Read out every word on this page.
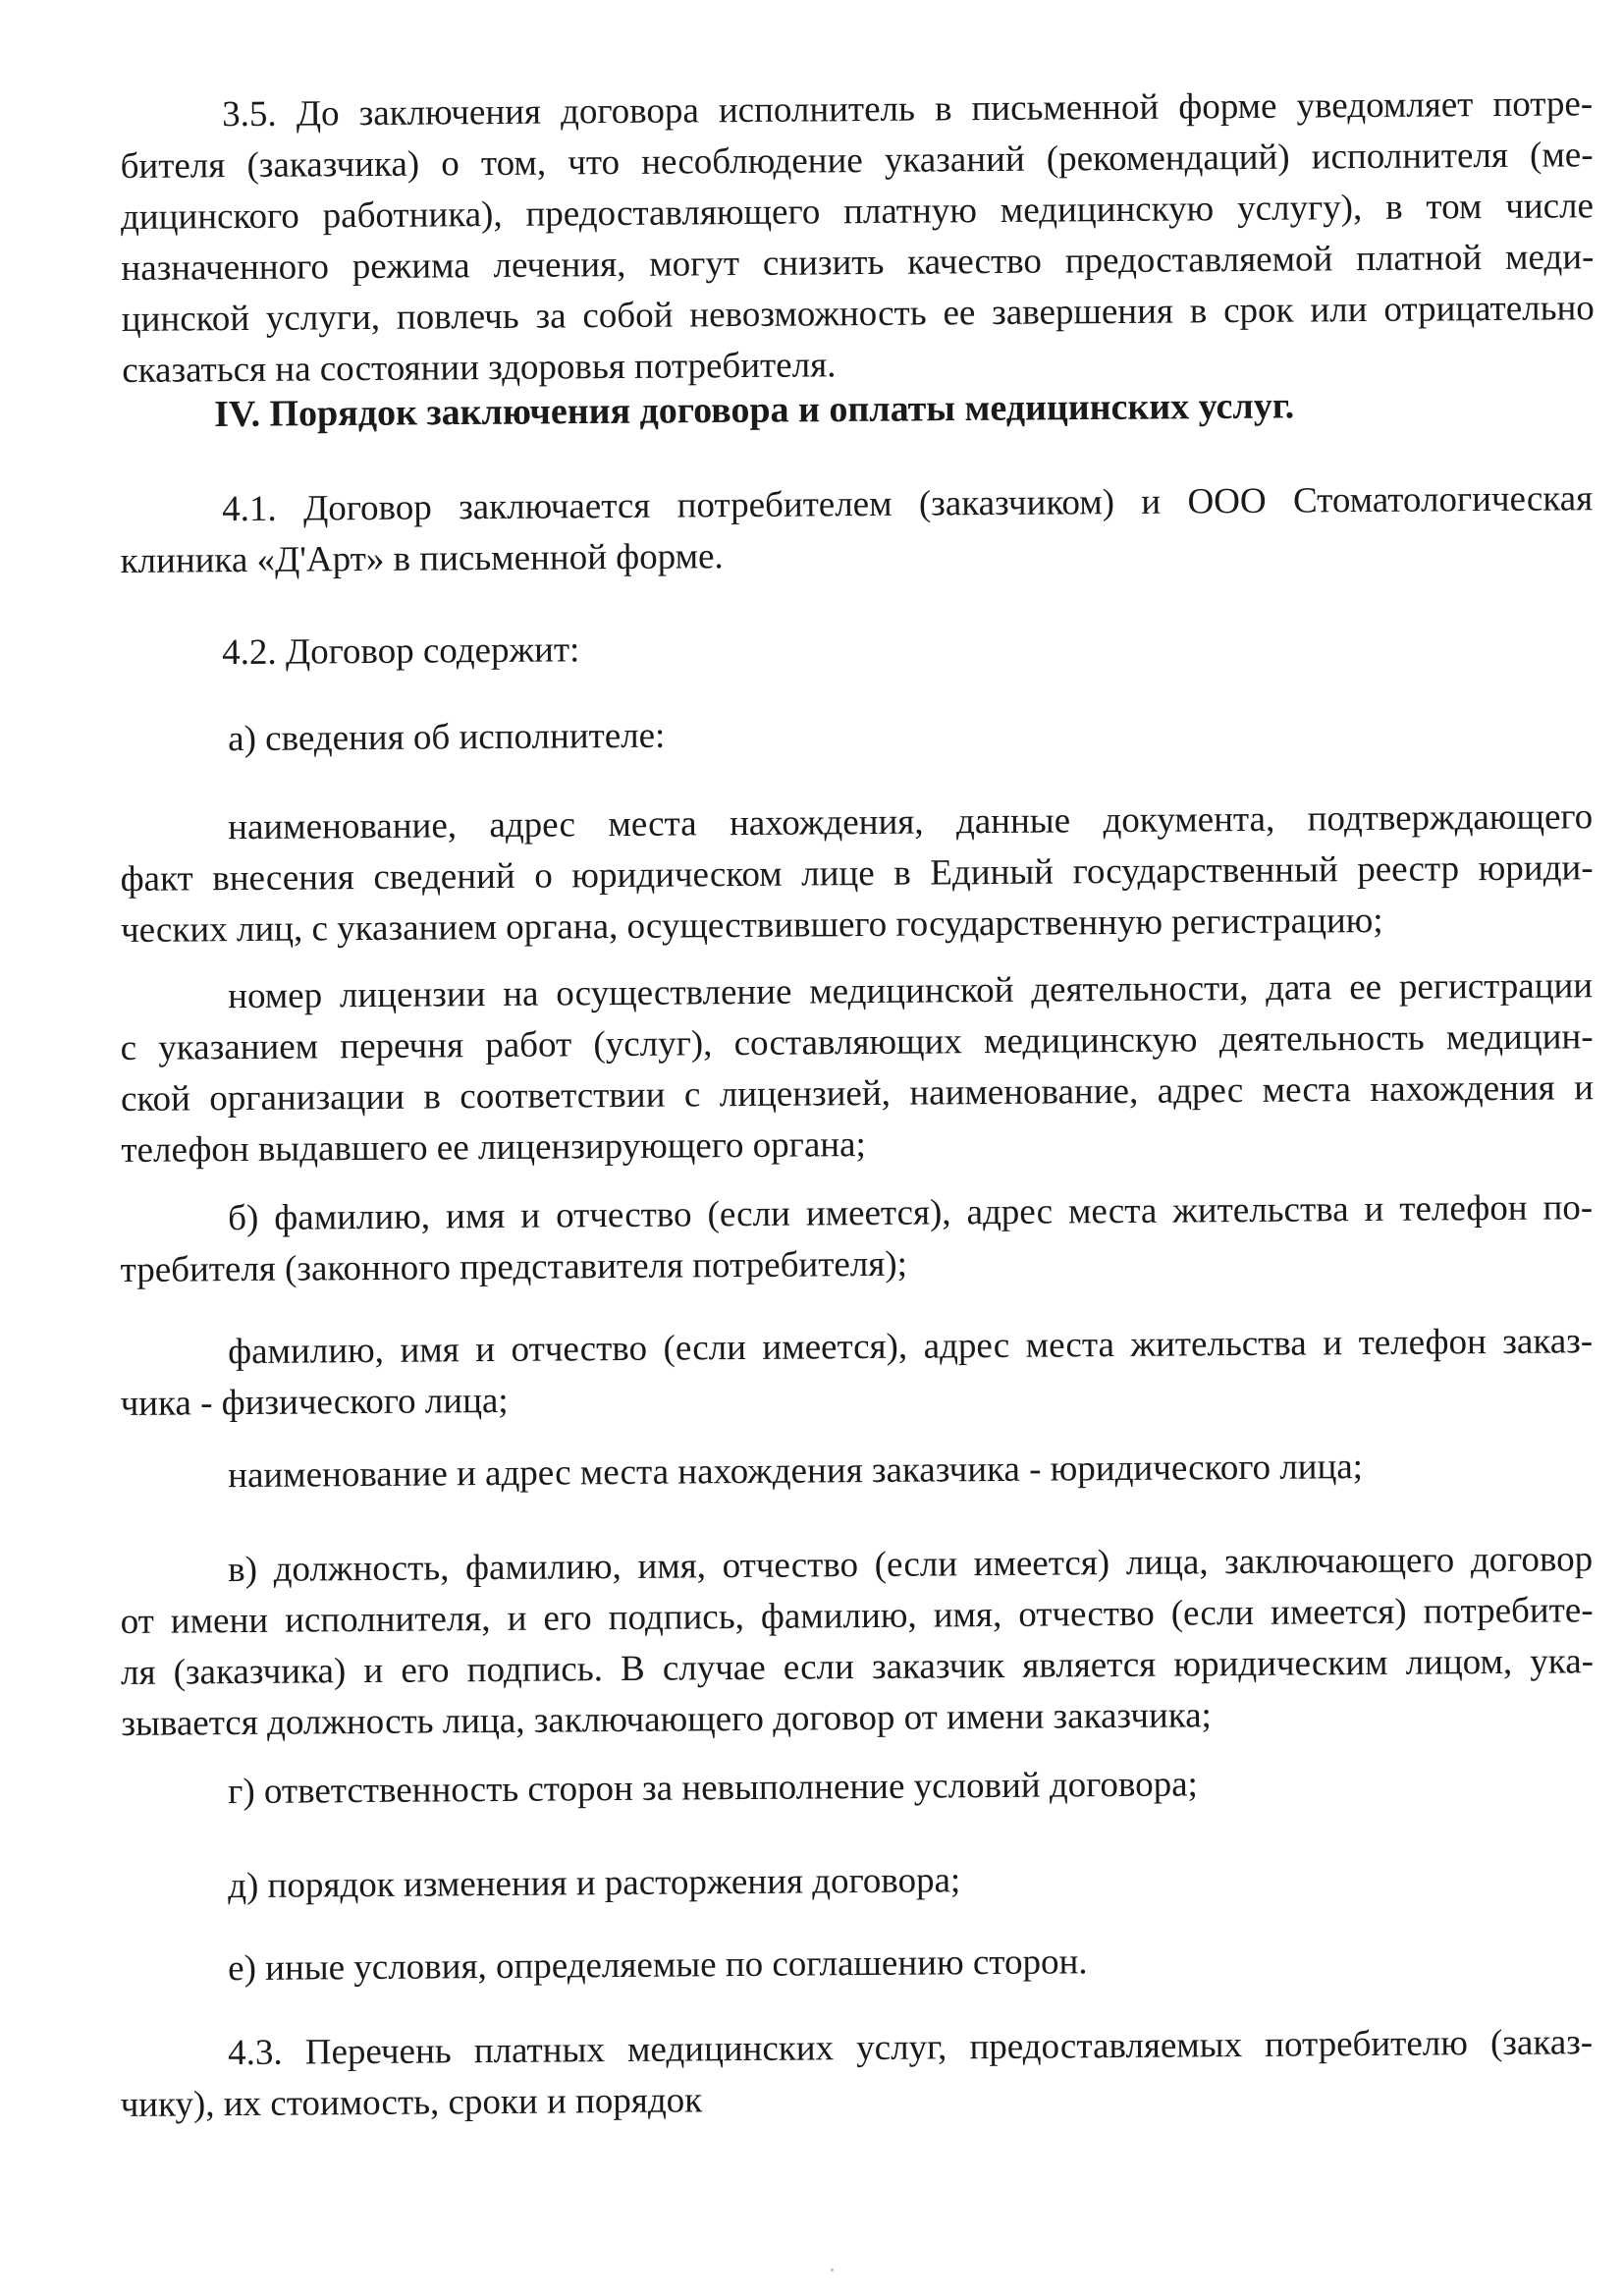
3.5. До заключения договора исполнитель в письменной форме уведомляет потре-
бителя (заказчика) о том, что несоблюдение указаний (рекомендаций) исполнителя (ме-
дицинского работника), предоставляющего платную медицинскую услугу), в том числе
назначенного режима лечения, могут снизить качество предоставляемой платной меди-
цинской услуги, повлечь за собой невозможность ее завершения в срок или отрицательно
сказаться на состоянии здоровья потребителя.
IV. Порядок заключения договора и оплаты медицинских услуг.
4.1. Договор заключается потребителем (заказчиком) и ООО Стоматологическая
клиника «Д'Арт» в письменной форме.
4.2. Договор содержит:
а) сведения об исполнителе:
наименование, адрес места нахождения, данные документа, подтверждающего
факт внесения сведений о юридическом лице в Единый государственный реестр юриди-
ческих лиц, с указанием органа, осуществившего государственную регистрацию;
номер лицензии на осуществление медицинской деятельности, дата ее регистрации
с указанием перечня работ (услуг), составляющих медицинскую деятельность медицин-
ской организации в соответствии с лицензией, наименование, адрес места нахождения и
телефон выдавшего ее лицензирующего органа;
б) фамилию, имя и отчество (если имеется), адрес места жительства и телефон по-
требителя (законного представителя потребителя);
фамилию, имя и отчество (если имеется), адрес места жительства и телефон заказ-
чика - физического лица;
наименование и адрес места нахождения заказчика - юридического лица;
в) должность, фамилию, имя, отчество (если имеется) лица, заключающего договор
от имени исполнителя, и его подпись, фамилию, имя, отчество (если имеется) потребите-
ля (заказчика) и его подпись. В случае если заказчик является юридическим лицом, ука-
зывается должность лица, заключающего договор от имени заказчика;
г) ответственность сторон за невыполнение условий договора;
д) порядок изменения и расторжения договора;
е) иные условия, определяемые по соглашению сторон.
4.3. Перечень платных медицинских услуг, предоставляемых потребителю (заказ-
чику), их стоимость, сроки и порядок
